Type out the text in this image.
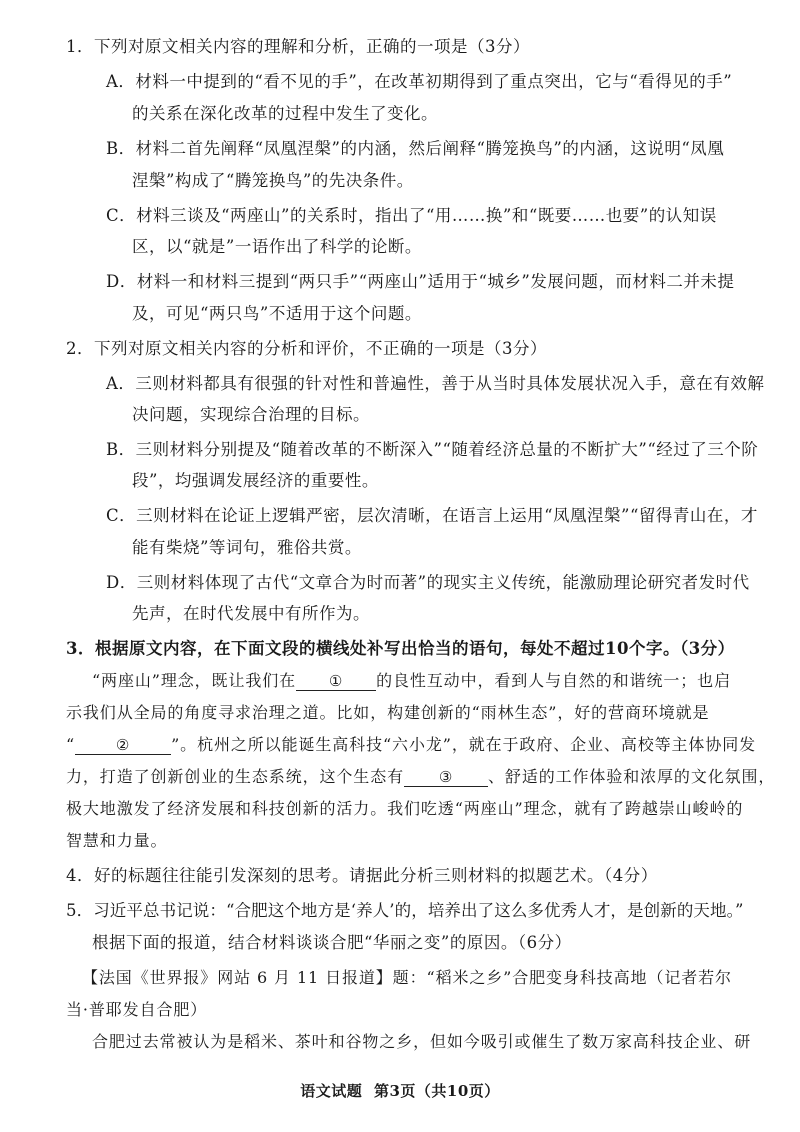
1．下列对原文相关内容的理解和分析，正确的一项是（3分）
A．材料一中提到的“看不见的手”，在改革初期得到了重点突出，它与“看得见的手”
的关系在深化改革的过程中发生了变化。
B．材料二首先阐释“凤凰涅槃”的内涵，然后阐释“腾笼换鸟”的内涵，这说明“凤凰
涅槃”构成了“腾笼换鸟”的先决条件。
C．材料三谈及“两座山”的关系时，指出了“用……换”和“既要……也要”的认知误
区，以“就是”一语作出了科学的论断。
D．材料一和材料三提到“两只手”“两座山”适用于“城乡”发展问题，而材料二并未提
及，可见“两只鸟”不适用于这个问题。
2．下列对原文相关内容的分析和评价，不正确的一项是（3分）
A．三则材料都具有很强的针对性和普遍性，善于从当时具体发展状况入手，意在有效解
决问题，实现综合治理的目标。
B．三则材料分别提及“随着改革的不断深入”“随着经济总量的不断扩大”“经过了三个阶
段”，均强调发展经济的重要性。
C．三则材料在论证上逻辑严密，层次清晰，在语言上运用“凤凰涅槃”“留得青山在，才
能有柴烧”等词句，雅俗共赏。
D．三则材料体现了古代“文章合为时而著”的现实主义传统，能激励理论研究者发时代
先声，在时代发展中有所作为。
3．根据原文内容，在下面文段的横线处补写出恰当的语句，每处不超过10个字。（3分）
“两座山”理念，既让我们在 ① 的良性互动中，看到人与自然的和谐统一；也启
示我们从全局的角度寻求治理之道。比如，构建创新的“雨林生态”，好的营商环境就是
“	②	”。杭州之所以能诞生高科技“六小龙”，就在于政府、企业、高校等主体协同发
力，打造了创新创业的生态系统，这个生态有 ③ 、舒适的工作体验和浓厚的文化氛围，
极大地激发了经济发展和科技创新的活力。我们吃透“两座山”理念，就有了跨越崇山峻岭的
智慧和力量。
4．好的标题往往能引发深刻的思考。请据此分析三则材料的拟题艺术。（4分）
5．习近平总书记说：“合肥这个地方是‘养人’的，培养出了这么多优秀人才，是创新的天地。”
根据下面的报道，结合材料谈谈合肥“华丽之变”的原因。（6分）
【法国《世界报》网站 6 月 11 日报道】题：“稻米之乡”合肥变身科技高地（记者若尔
当·普耶发自合肥）
合肥过去常被认为是稻米、茶叶和谷物之乡，但如今吸引或催生了数万家高科技企业、研
语文试题 第3页（共10页）
